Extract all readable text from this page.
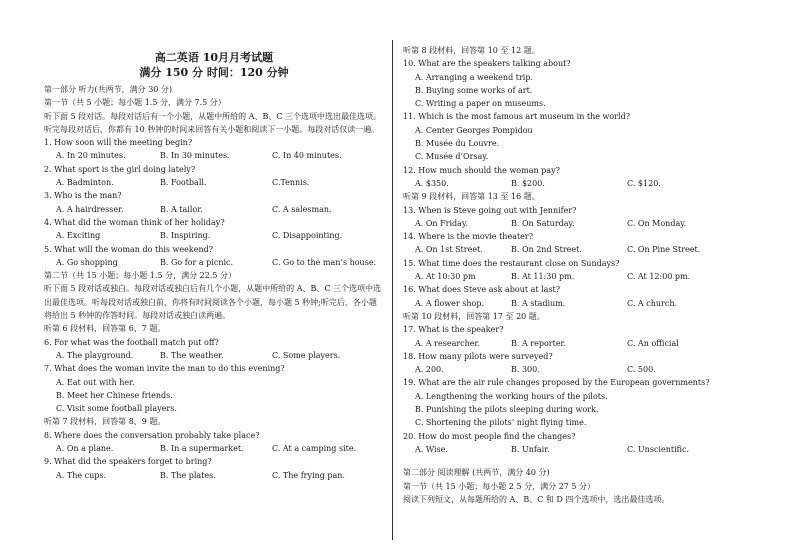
高二英语 10月月考试题
满分 150 分 时间：120 分钟
第一部分 听力(共两节，满分 30 分)
第一节（共 5 小题；每小题 1.5 分，满分 7.5 分）
听下面 5 段对话。每段对话后有一个小题，从题中所给的 A、B、C 三个选项中选出最佳选项。听完每段对话后，你都有 10 秒钟的时间来回答有关小题和阅读下一小题。每段对话仅读一遍。
1. How soon will the meeting begin?
A. In 20 minutes.	B. In 30 minutes.	C. In 40 minutes.
2. What sport is the girl doing lately?
A. Badminton.	B. Football.	C.Tennis.
3. Who is the man?
A. A hairdresser.	B. A tailor.	C. A salesman.
4. What did the woman think of her holiday?
A. Exciting	B. Inspiring.	C. Disappointing.
5. What will the woman do this weekend?
A. Go shopping	B. Go for a picnic.	C. Go to the man’s house.
第二节（共 15 小题；每小题 1.5 分，满分 22.5 分）
听下面 5 段对话或独白。每段对话或独白后有几个小题，从题中所给的 A、B、C 三个选项中选出最佳选项。听每段对话或独白前，你将有时间阅读各个小题，每小题 5 秒钟;听完后，各小题将给出 5 秒钟的作答时间。每段对话或独白读两遍。
听第 6 段材料，回答第 6、7 题。
6. For what was the football match put off?
A. The playground.	B. The weather.	C. Some players.
7. What does the woman invite the man to do this evening?
A. Eat out with her.
B. Meet her Chinese friends.
C. Visit some football players.
听第 7 段材料，回答第 8、9 题。
8. Where does the conversation probably take place?
A. On a plane.	B. In a supermarket.	C. At a camping site.
9. What did the speakers forget to bring?
A. The cups.	B. The plates.	C. The frying pan.
听第 8 段材料，回答第 10 至 12 题。
10. What are the speakers talking about?
A. Arranging a weekend trip.
B. Buying some works of art.
C. Writing a paper on museums.
11. Which is the most famous art museum in the world?
A. Center Georges Pompidou
B. Musée du Louvre.
C. Musée d’Orsay.
12. How much should the woman pay?
A. $350.	B. $200.	C. $120.
听第 9 段材料，回答第 13 至 16 题。
13. When is Steve going out with Jennifer?
A. On Friday.	B. On Saturday.	C. On Monday.
14. Where is the movie theater?
A. On 1st Street.	B. On 2nd Street.	C. On Pine Street.
15. What time does the restaurant close on Sundays?
A. At 10:30 pm	B. At 11:30 pm.	C. At 12:00 pm.
16. What does Steve ask about at last?
A. A flower shop.	B. A stadium.	C. A church.
听第 10 段材料，回答第 17 至 20 题。
17. What is the speaker?
A. A researcher.	B. A reporter.	C. An official
18. How many pilots were surveyed?
A. 200.	B. 300.	C. 500.
19. What are the air rule changes proposed by the European governments?
A. Lengthening the working hours of the pilots.
B. Punishing the pilots sleeping during work.
C. Shortening the pilots’ night flying time.
20. How do most people find the changes?
A. Wise.	B. Unfair.	C. Unscientific.
第二部分 阅读理解 (共两节，满分 40 分)
第一节（共 15 小题；每小题 2 5 分，满分 27 5 分）
阅读下列短文，从每题所给的 A、B、C 和 D 四个选项中，选出最佳选项。
